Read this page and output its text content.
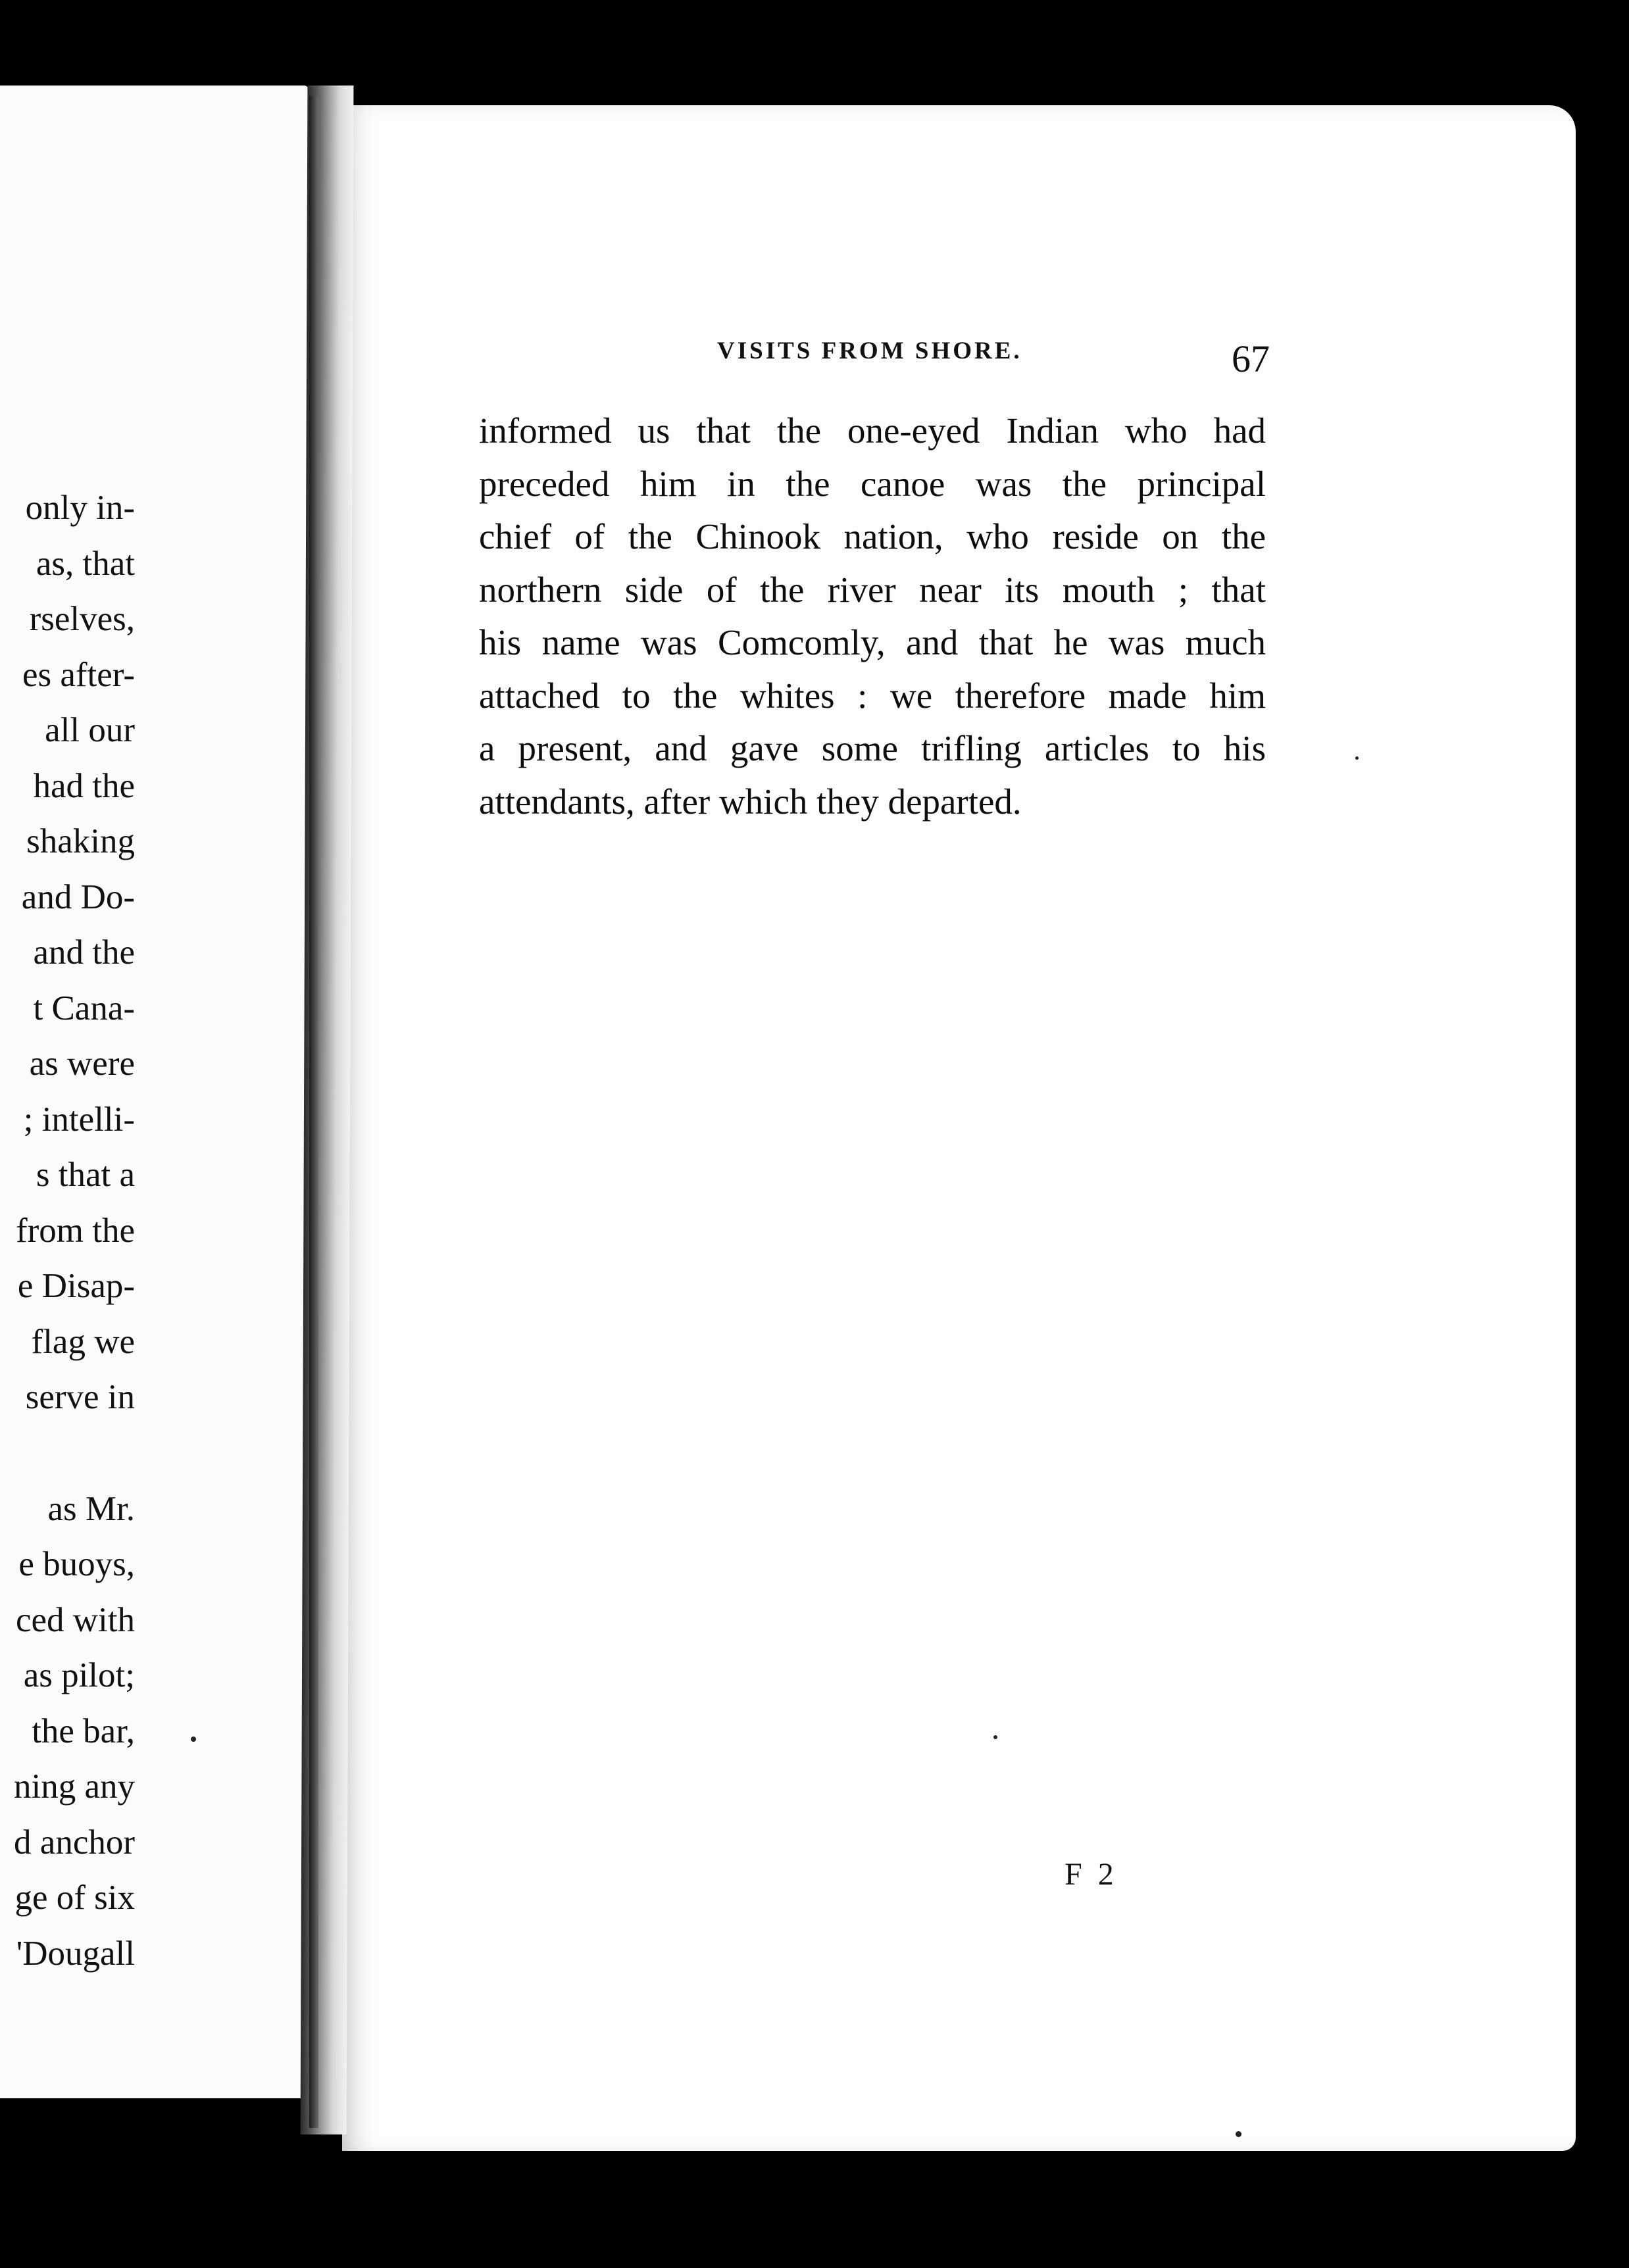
only in-
as, that
rselves,
es after-
all our
had the
shaking
and Do-
and the
t Cana-
as were
; intelli-
s that a
from the
e Disap-
flag we
serve in
as Mr.
e buoys,
ced with
as pilot;
the bar,
ning any
d anchor
ge of six
'Dougall
VISITS FROM SHORE.	67
informed us that the one-eyed Indian who had
preceded him in the canoe was the principal
chief of the Chinook nation, who reside on the
northern side of the river near its mouth ; that
his name was Comcomly, and that he was much
attached to the whites : we therefore made him
a present, and gave some trifling articles to his
attendants, after which they departed.
F 2
